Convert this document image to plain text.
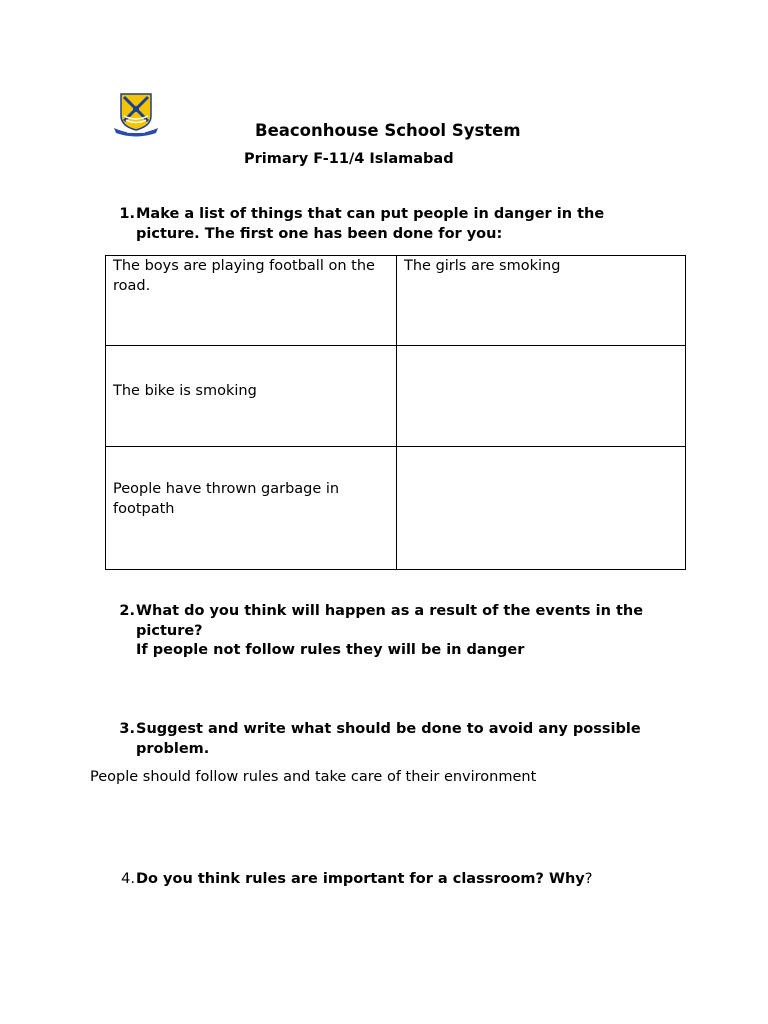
Beaconhouse School System
Primary F-11/4 Islamabad
1. Make a list of things that can put people in danger in the
picture. The first one has been done for you:
The boys are playing football on the
road.	The girls are smoking

The bike is smoking	

People have thrown garbage in
footpath	

2. What do you think will happen as a result of the events in the
picture?
If people not follow rules they will be in danger
3. Suggest and write what should be done to avoid any possible
problem.
People should follow rules and take care of their environment
4. Do you think rules are important for a classroom? Why?
